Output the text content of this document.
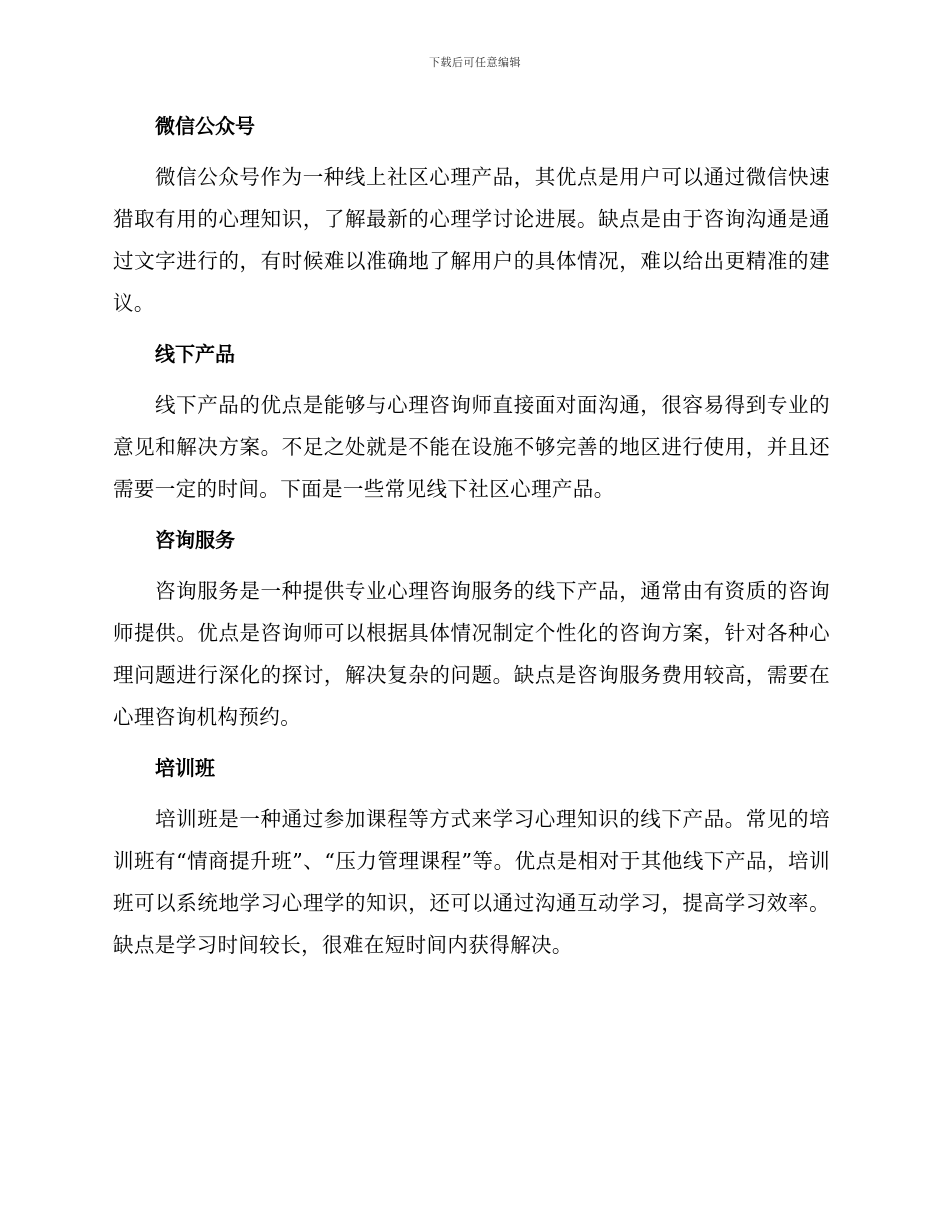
下载后可任意编辑
微信公众号

微信公众号作为一种线上社区心理产品，其优点是用户可以通过微信快速猎取有用的心理知识，了解最新的心理学讨论进展。缺点是由于咨询沟通是通过文字进行的，有时候难以准确地了解用户的具体情况，难以给出更精准的建议。

线下产品

线下产品的优点是能够与心理咨询师直接面对面沟通，很容易得到专业的意见和解决方案。不足之处就是不能在设施不够完善的地区进行使用，并且还需要一定的时间。下面是一些常见线下社区心理产品。

咨询服务

咨询服务是一种提供专业心理咨询服务的线下产品，通常由有资质的咨询师提供。优点是咨询师可以根据具体情况制定个性化的咨询方案，针对各种心理问题进行深化的探讨，解决复杂的问题。缺点是咨询服务费用较高，需要在心理咨询机构预约。

培训班

培训班是一种通过参加课程等方式来学习心理知识的线下产品。常见的培训班有“情商提升班”、“压力管理课程”等。优点是相对于其他线下产品，培训班可以系统地学习心理学的知识，还可以通过沟通互动学习，提高学习效率。缺点是学习时间较长，很难在短时间内获得解决。
